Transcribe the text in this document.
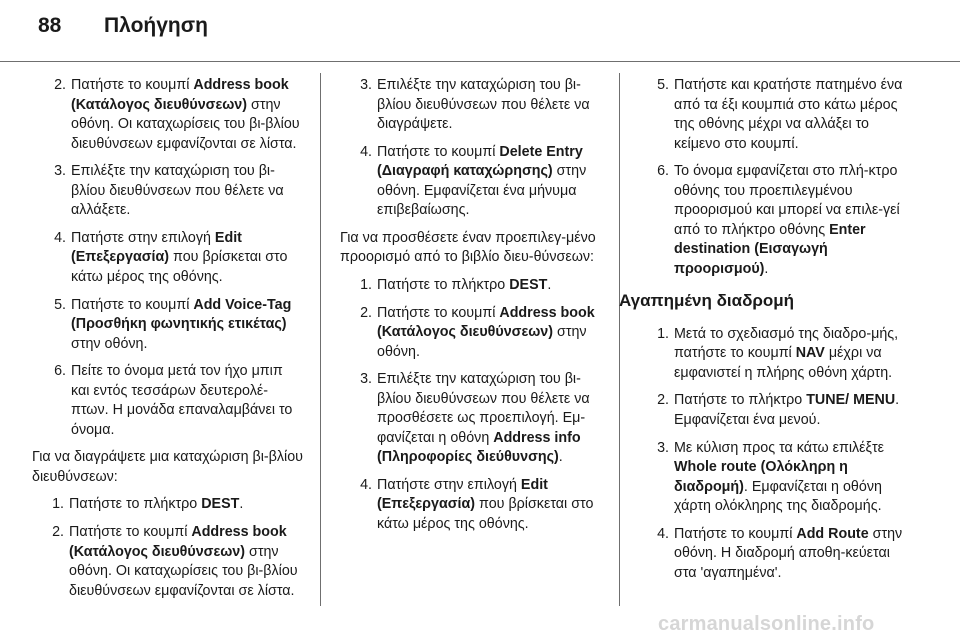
88 Πλοήγηση
2. Πατήστε το κουμπί Address book (Κατάλογος διευθύνσεων) στην οθόνη. Οι καταχωρίσεις του βι-βλίου διευθύνσεων εμφανίζονται σε λίστα.
3. Επιλέξτε την καταχώριση του βι-βλίου διευθύνσεων που θέλετε να αλλάξετε.
4. Πατήστε στην επιλογή Edit (Επεξεργασία) που βρίσκεται στο κάτω μέρος της οθόνης.
5. Πατήστε το κουμπί Add Voice-Tag (Προσθήκη φωνητικής ετικέτας) στην οθόνη.
6. Πείτε το όνομα μετά τον ήχο μπιπ και εντός τεσσάρων δευτερολέ-πτων. Η μονάδα επαναλαμβάνει το όνομα.
Για να διαγράψετε μια καταχώριση βι-βλίου διευθύνσεων:
1. Πατήστε το πλήκτρο DEST.
2. Πατήστε το κουμπί Address book (Κατάλογος διευθύνσεων) στην οθόνη. Οι καταχωρίσεις του βι-βλίου διευθύνσεων εμφανίζονται σε λίστα.
3. Επιλέξτε την καταχώριση του βι-βλίου διευθύνσεων που θέλετε να διαγράψετε.
4. Πατήστε το κουμπί Delete Entry (Διαγραφή καταχώρησης) στην οθόνη. Εμφανίζεται ένα μήνυμα επιβεβαίωσης.
Για να προσθέσετε έναν προεπιλεγ-μένο προορισμό από το βιβλίο διευ-θύνσεων:
1. Πατήστε το πλήκτρο DEST.
2. Πατήστε το κουμπί Address book (Κατάλογος διευθύνσεων) στην οθόνη.
3. Επιλέξτε την καταχώριση του βι-βλίου διευθύνσεων που θέλετε να προσθέσετε ως προεπιλογή. Εμ-φανίζεται η οθόνη Address info (Πληροφορίες διεύθυνσης).
4. Πατήστε στην επιλογή Edit (Επεξεργασία) που βρίσκεται στο κάτω μέρος της οθόνης.
5. Πατήστε και κρατήστε πατημένο ένα από τα έξι κουμπιά στο κάτω μέρος της οθόνης μέχρι να αλλάξει το κείμενο στο κουμπί.
6. Το όνομα εμφανίζεται στο πλή-κτρο οθόνης του προεπιλεγμένου προορισμού και μπορεί να επιλε-γεί από το πλήκτρο οθόνης Enter destination (Εισαγωγή προορισμού).
Αγαπημένη διαδρομή
1. Μετά το σχεδιασμό της διαδρο-μής, πατήστε το κουμπί NAV μέχρι να εμφανιστεί η πλήρης οθόνη χάρτη.
2. Πατήστε το πλήκτρο TUNE/ MENU. Εμφανίζεται ένα μενού.
3. Με κύλιση προς τα κάτω επιλέξτε Whole route (Ολόκληρη η διαδρομή). Εμφανίζεται η οθόνη χάρτη ολόκληρης της διαδρομής.
4. Πατήστε το κουμπί Add Route στην οθόνη. Η διαδρομή αποθη-κεύεται στα 'αγαπημένα'.
carmanualsonline.info
